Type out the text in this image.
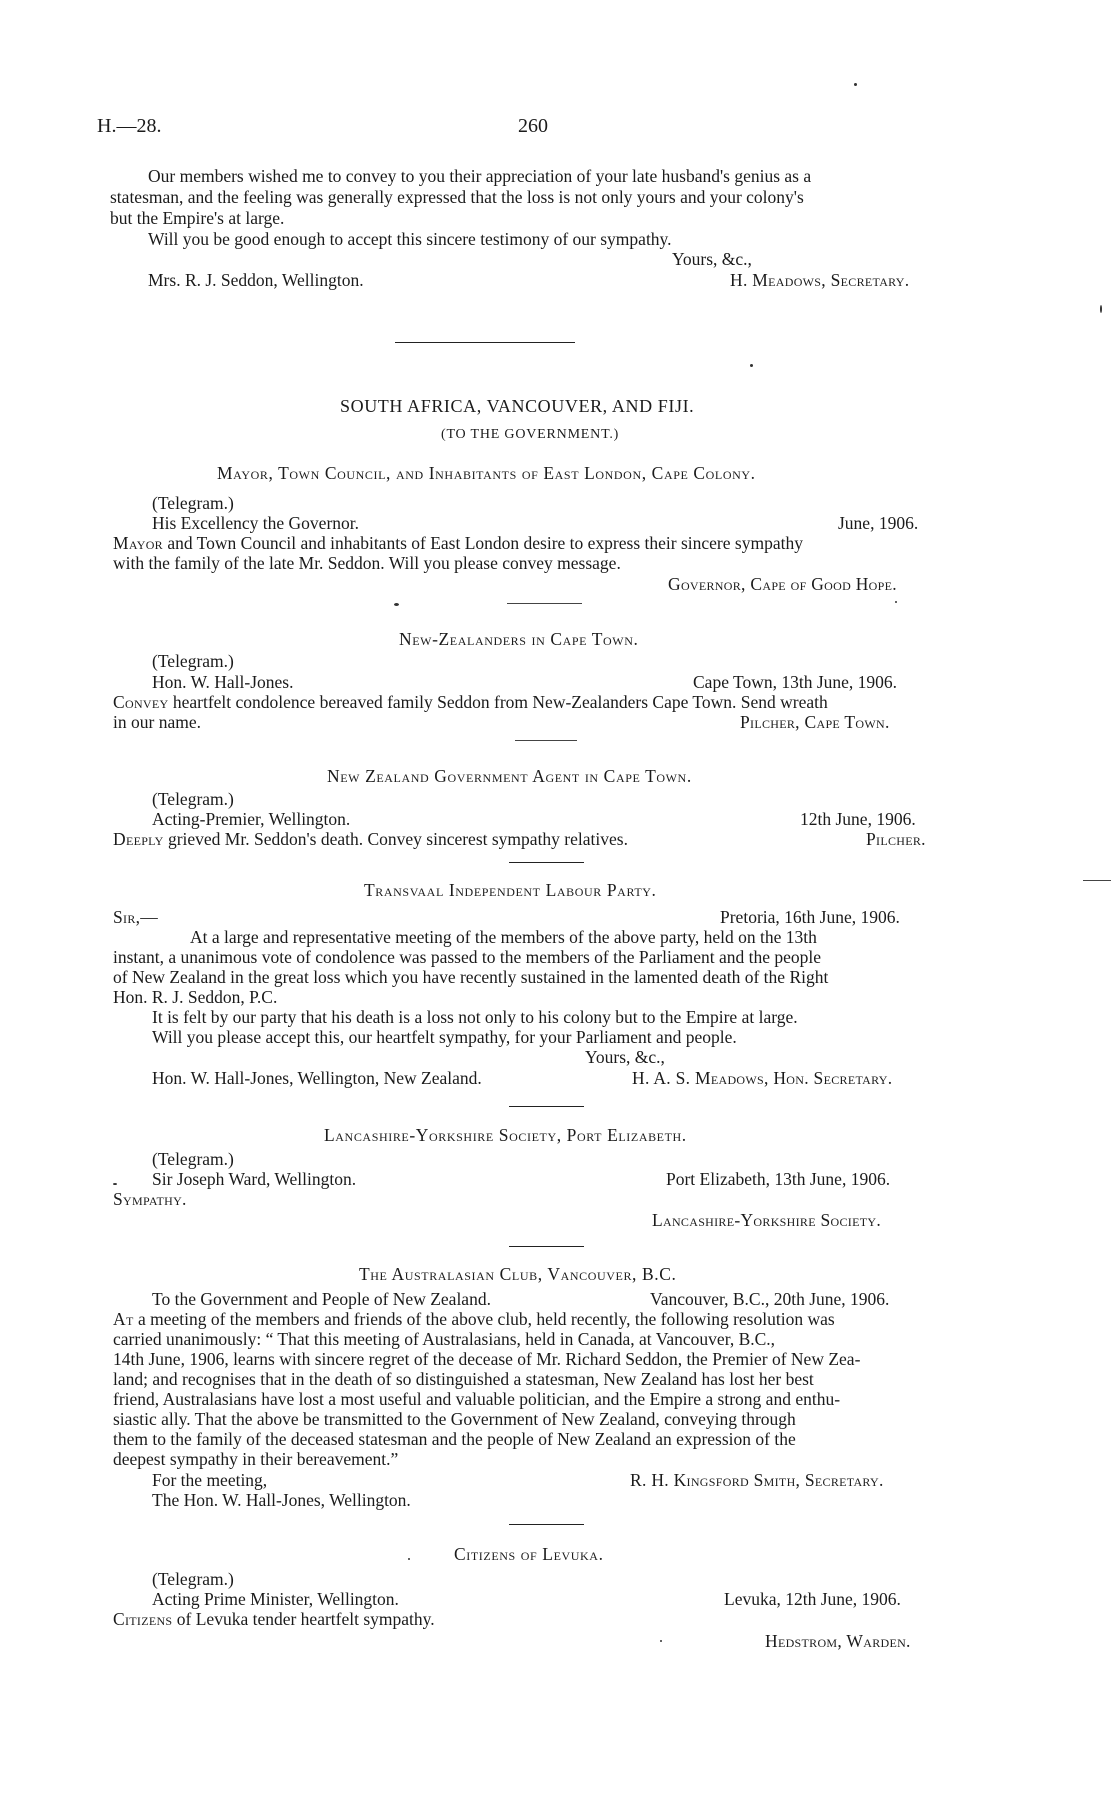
H.—28.	260
Our members wished me to convey to you their appreciation of your late husband's genius as a
statesman, and the feeling was generally expressed that the loss is not only yours and your colony's
but the Empire's at large.
Will you be good enough to accept this sincere testimony of our sympathy.
Yours, &c.,
Mrs. R. J. Seddon, Wellington.	H. Meadows, Secretary.
SOUTH AFRICA, VANCOUVER, AND FIJI.
(TO THE GOVERNMENT.)
Mayor, Town Council, and Inhabitants of East London, Cape Colony.
(Telegram.)
His Excellency the Governor.	June, 1906.
Mayor and Town Council and inhabitants of East London desire to express their sincere sympathy
with the family of the late Mr. Seddon. Will you please convey message.
Governor, Cape of Good Hope.
New-Zealanders in Cape Town.
(Telegram.)
Hon. W. Hall-Jones.	Cape Town, 13th June, 1906.
Convey heartfelt condolence bereaved family Seddon from New-Zealanders Cape Town. Send wreath
in our name.	Pilcher, Cape Town.
New Zealand Government Agent in Cape Town.
(Telegram.)
Acting-Premier, Wellington.	12th June, 1906.
Deeply grieved Mr. Seddon's death. Convey sincerest sympathy relatives.	Pilcher.
Transvaal Independent Labour Party.
Sir,—	Pretoria, 16th June, 1906.
At a large and representative meeting of the members of the above party, held on the 13th
instant, a unanimous vote of condolence was passed to the members of the Parliament and the people
of New Zealand in the great loss which you have recently sustained in the lamented death of the Right
Hon. R. J. Seddon, P.C.
It is felt by our party that his death is a loss not only to his colony but to the Empire at large.
Will you please accept this, our heartfelt sympathy, for your Parliament and people.
Yours, &c.,
Hon. W. Hall-Jones, Wellington, New Zealand.	H. A. S. Meadows, Hon. Secretary.
Lancashire-Yorkshire Society, Port Elizabeth.
(Telegram.)
Sir Joseph Ward, Wellington.	Port Elizabeth, 13th June, 1906.
Sympathy.
Lancashire-Yorkshire Society.
The Australasian Club, Vancouver, B.C.
To the Government and People of New Zealand.	Vancouver, B.C., 20th June, 1906.
At a meeting of the members and friends of the above club, held recently, the following resolution was
carried unanimously: “ That this meeting of Australasians, held in Canada, at Vancouver, B.C.,
14th June, 1906, learns with sincere regret of the decease of Mr. Richard Seddon, the Premier of New Zea-
land; and recognises that in the death of so distinguished a statesman, New Zealand has lost her best
friend, Australasians have lost a most useful and valuable politician, and the Empire a strong and enthu-
siastic ally. That the above be transmitted to the Government of New Zealand, conveying through
them to the family of the deceased statesman and the people of New Zealand an expression of the
deepest sympathy in their bereavement.”
For the meeting,	R. H. Kingsford Smith, Secretary.
The Hon. W. Hall-Jones, Wellington.
Citizens of Levuka.
(Telegram.)
Acting Prime Minister, Wellington.	Levuka, 12th June, 1906.
Citizens of Levuka tender heartfelt sympathy.
Hedstrom, Warden.
